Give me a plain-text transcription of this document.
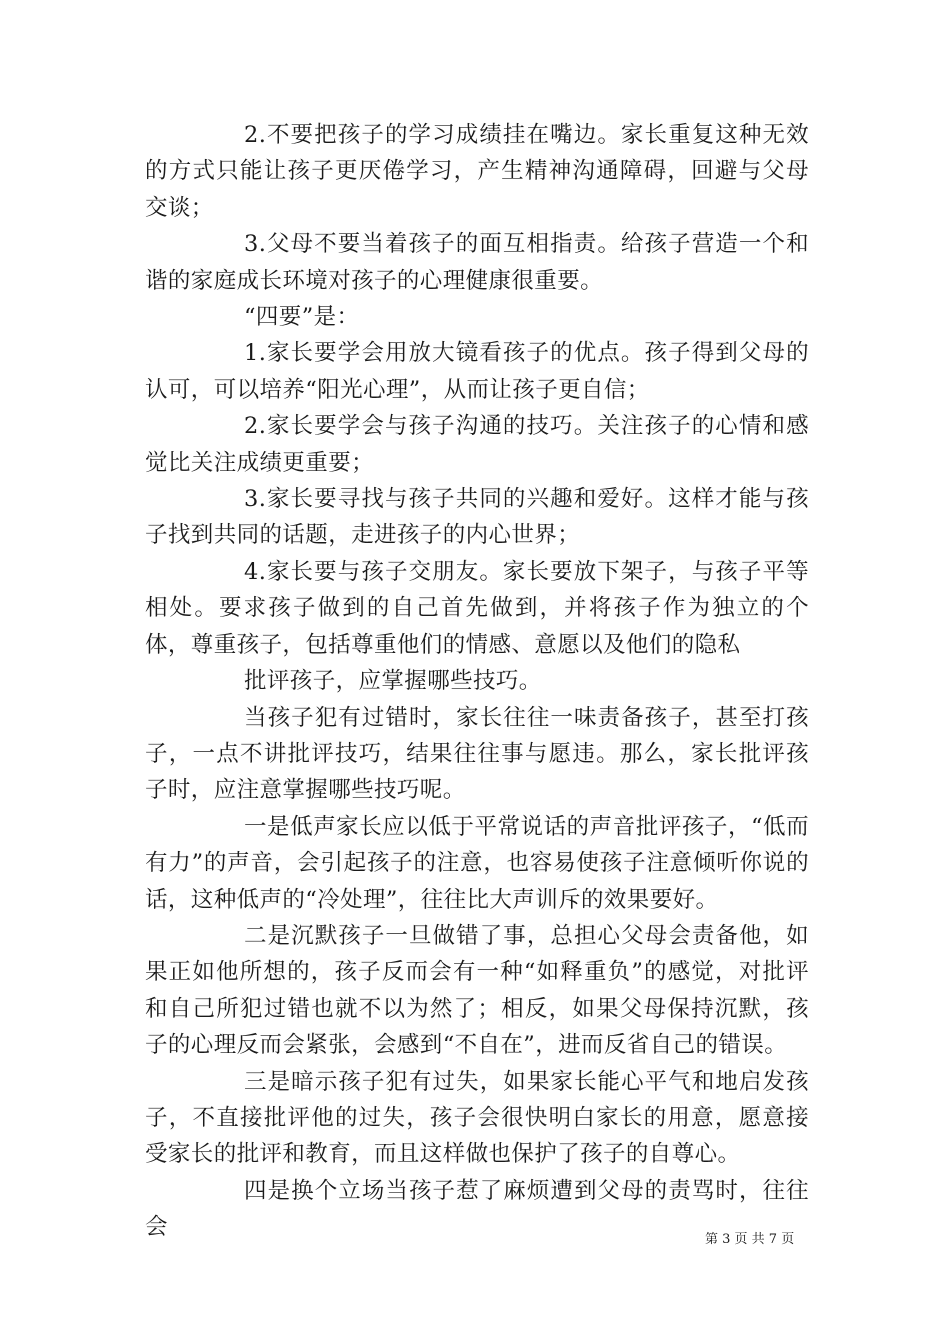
2.不要把孩子的学习成绩挂在嘴边。家长重复这种无效的方式只能让孩子更厌倦学习，产生精神沟通障碍，回避与父母交谈；

3.父母不要当着孩子的面互相指责。给孩子营造一个和谐的家庭成长环境对孩子的心理健康很重要。

“四要”是：

1.家长要学会用放大镜看孩子的优点。孩子得到父母的认可，可以培养“阳光心理”，从而让孩子更自信；

2.家长要学会与孩子沟通的技巧。关注孩子的心情和感觉比关注成绩更重要；

3.家长要寻找与孩子共同的兴趣和爱好。这样才能与孩子找到共同的话题，走进孩子的内心世界；

4.家长要与孩子交朋友。家长要放下架子，与孩子平等相处。要求孩子做到的自己首先做到，并将孩子作为独立的个体，尊重孩子，包括尊重他们的情感、意愿以及他们的隐私

批评孩子，应掌握哪些技巧。

当孩子犯有过错时，家长往往一味责备孩子，甚至打孩子，一点不讲批评技巧，结果往往事与愿违。那么，家长批评孩子时，应注意掌握哪些技巧呢。

一是低声家长应以低于平常说话的声音批评孩子，“低而有力”的声音，会引起孩子的注意，也容易使孩子注意倾听你说的话，这种低声的“冷处理”，往往比大声训斥的效果要好。

二是沉默孩子一旦做错了事，总担心父母会责备他，如果正如他所想的，孩子反而会有一种“如释重负”的感觉，对批评和自己所犯过错也就不以为然了；相反，如果父母保持沉默，孩子的心理反而会紧张，会感到“不自在”，进而反省自己的错误。

三是暗示孩子犯有过失，如果家长能心平气和地启发孩子，不直接批评他的过失，孩子会很快明白家长的用意，愿意接受家长的批评和教育，而且这样做也保护了孩子的自尊心。

四是换个立场当孩子惹了麻烦遭到父母的责骂时，往往会	第 3 页 共 7 页
